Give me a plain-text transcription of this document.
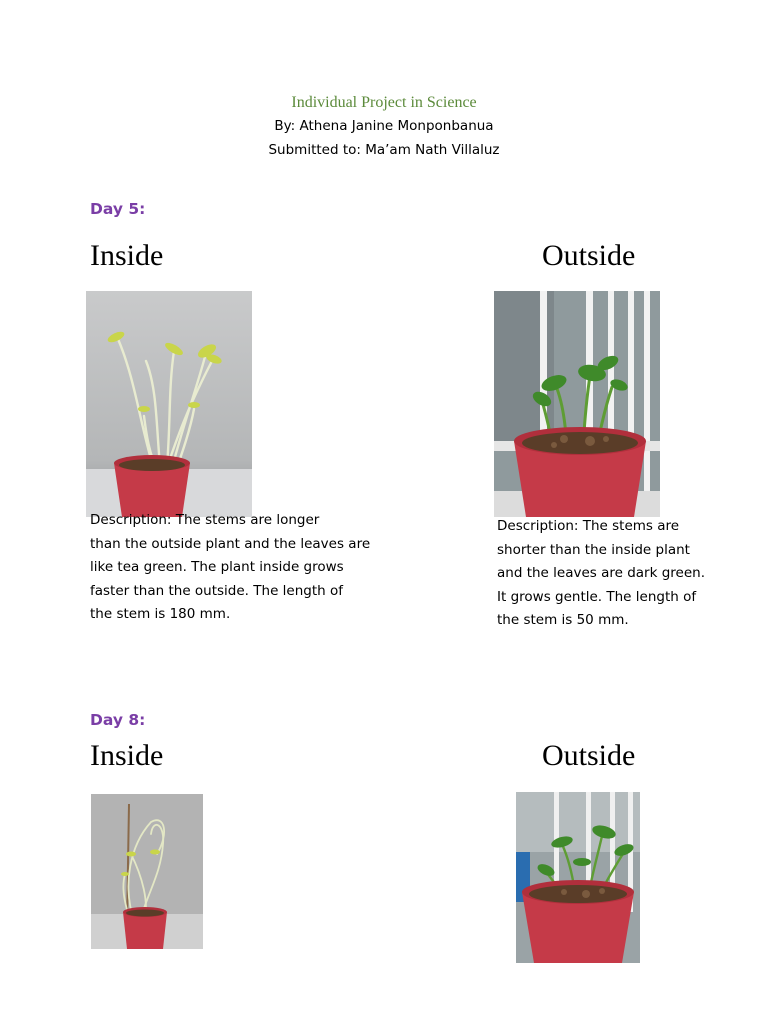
Individual Project in Science
By: Athena Janine Monponbanua
Submitted to: Ma’am Nath Villaluz
Day 5:
Inside	Outside
Description: The stems are longer
than the outside plant and the leaves are
like tea green. The plant inside grows
faster than the outside. The length of
the stem is 180 mm.
Description: The stems are
shorter than the inside plant
and the leaves are dark green.
It grows gentle. The length of
the stem is 50 mm.
Day 8:
Inside	Outside
